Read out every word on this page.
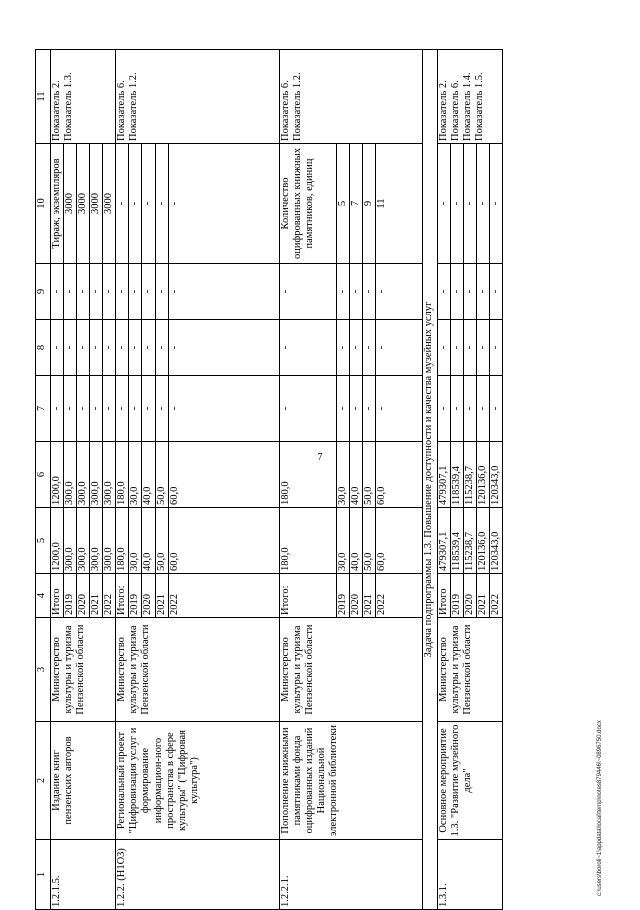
7
1	2	3	4	5	6	7	8	9	10	11
1.2.1.5.	Издание книг пензенских авторов	Министерство культуры и туризма Пензенской области	Итого	1200,0	1200,0	-	-	-	Тираж, экземпляров	Показатель 2. Показатель 1.3.
			2019	300,0	300,0	-	-	-	3000	
			2020	300,0	300,0	-	-	-	3000	
			2021	300,0	300,0	-	-	-	3000	
			2022	300,0	300,0	-	-	-	3000	
1.2.2. (Н1О3)	Региональный проект "Цифровизация услуг и формирование информацион-ного пространства в сфере культуры" ("Цифровая культура")	Министерство культуры и туризма Пензенской области	Итого:	180,0	180,0	-	-	-	-	Показатель 6. Показатель 1.2.
			2019	30,0	30,0	-	-	-	-	
			2020	40,0	40,0	-	-	-	-	
			2021	50,0	50,0	-	-	-	-	
			2022	60,0	60,0	-	-	-	-	
1.2.2.1.	Пополнение книжными памятниками фонда оцифрованных изданий Национальной электронной библиотеки	Министерство культуры и туризма Пензенской области	Итого:	180,0	180,0	-	-	-	Количество оцифрованных книжных памятников, единиц	Показатель 6. Показатель 1.2.
			2019	30,0	30,0	-	-	-	5	
			2020	40,0	40,0	-	-	-	7	
			2021	50,0	50,0	-	-	-	9	
			2022	60,0	60,0	-	-	-	11	
Задача подпрограммы 1.3. Повышение доступности и качества музейных услуг										
1.3.1.	Основное мероприятие 1.3. "Развитие музейного дела"	Министерство культуры и туризма Пензенской области	Итого	479307,1	479307,1	-	-	-	-	Показатель 2. Показатель 6. Показатель 1.4. Показатель 1.5.
			2019	118539,4	118539,4	-	-	-	-	
			2020	115238,7	115238,7	-	-	-	-	
			2021	120136,0	120136,0	-	-	-	-	
			2022	120343,0	120343,0	-	-	-	-	
c:\users\boroli~1\appdata\local\temp\notes879446\~0896750.docx
